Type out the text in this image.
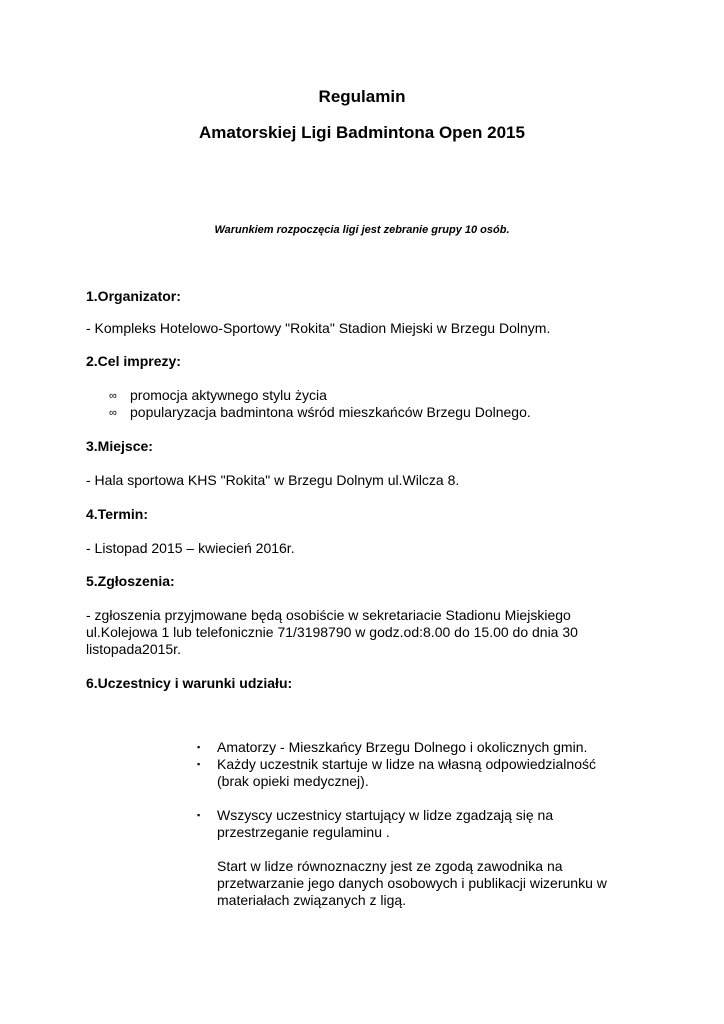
Regulamin
Amatorskiej Ligi Badmintona Open 2015
Warunkiem rozpoczęcia ligi jest zebranie grupy 10 osób.
1.Organizator:
- Kompleks Hotelowo-Sportowy "Rokita" Stadion Miejski w Brzegu Dolnym.
2.Cel imprezy:
∞ promocja aktywnego stylu życia
∞ popularyzacja badmintona wśród mieszkańców Brzegu Dolnego.
3.Miejsce:
- Hala sportowa KHS "Rokita" w Brzegu Dolnym ul.Wilcza 8.
4.Termin:
- Listopad 2015 – kwiecień 2016r.
5.Zgłoszenia:
- zgłoszenia przyjmowane będą osobiście w sekretariacie Stadionu Miejskiego
ul.Kolejowa 1 lub telefonicznie 71/3198790 w godz.od:8.00 do 15.00 do dnia 30
listopada2015r.
6.Uczestnicy i warunki udziału:
▪ Amatorzy - Mieszkańcy Brzegu Dolnego i okolicznych gmin.
▪ Każdy uczestnik startuje w lidze na własną odpowiedzialność
(brak opieki medycznej).
▪ Wszyscy uczestnicy startujący w lidze zgadzają się na
przestrzeganie regulaminu .
Start w lidze równoznaczny jest ze zgodą zawodnika na
przetwarzanie jego danych osobowych i publikacji wizerunku w
materiałach związanych z ligą.
